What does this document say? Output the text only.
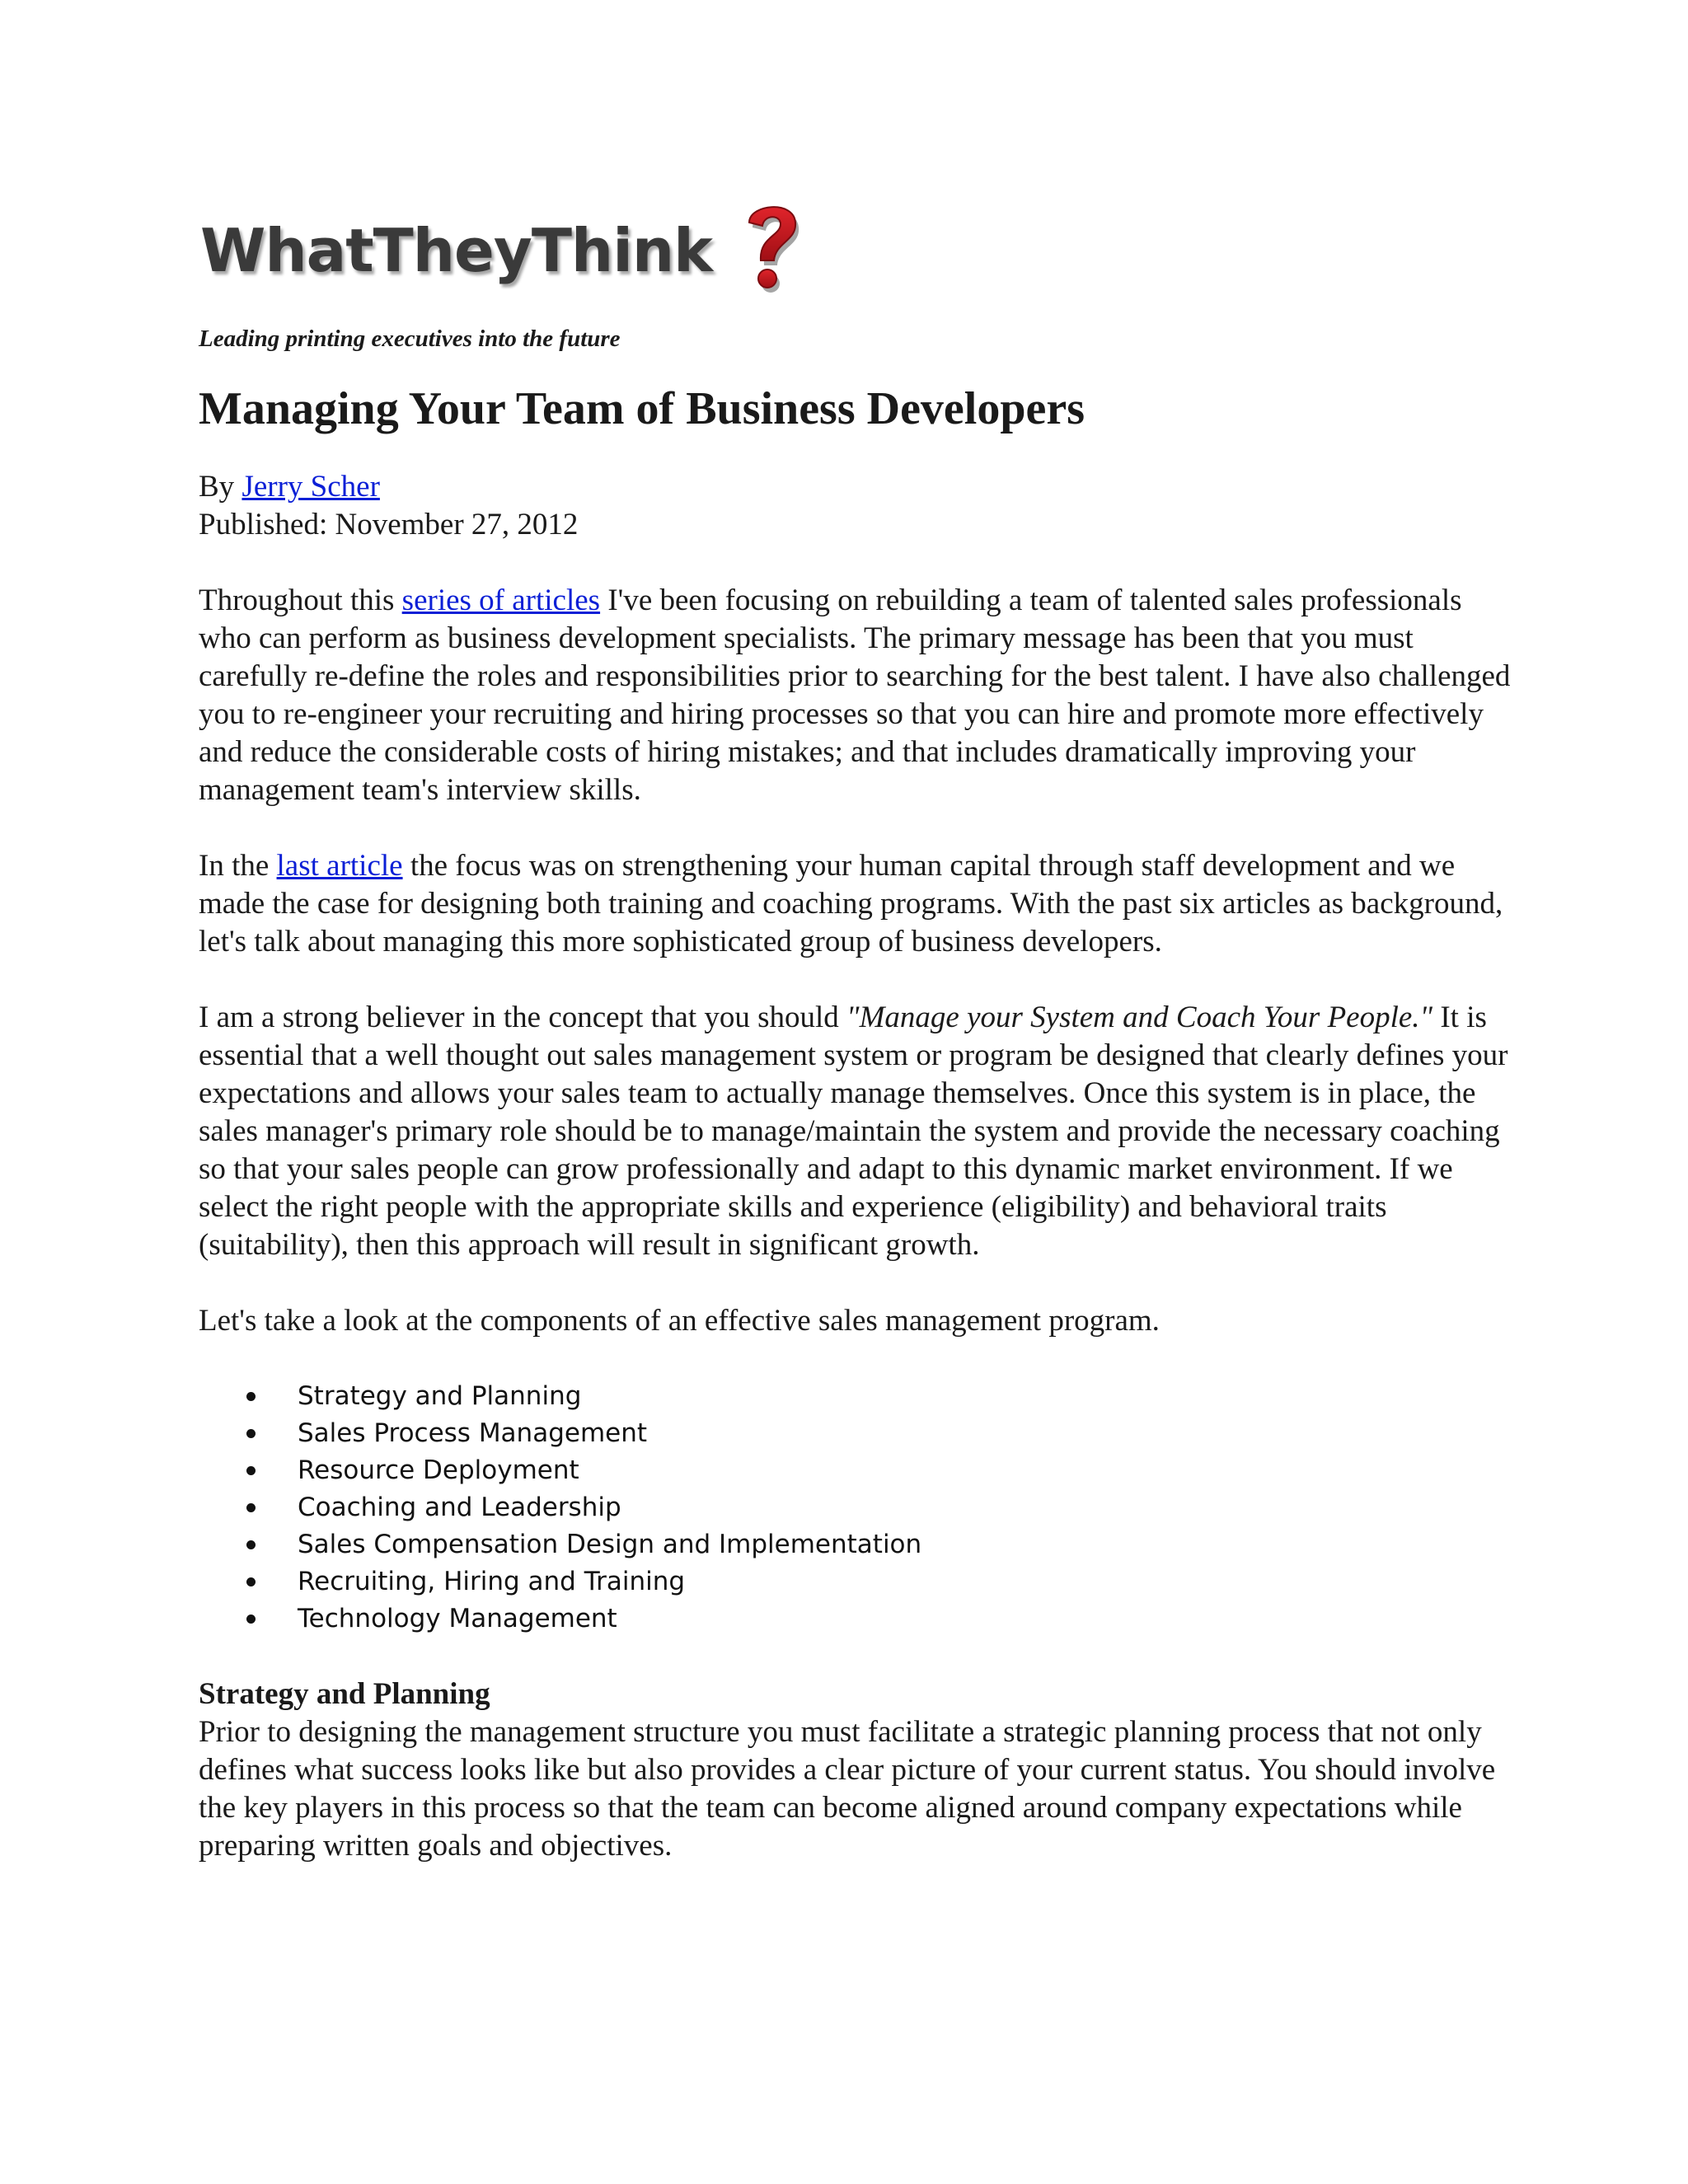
WhatTheyThink
Leading printing executives into the future
Managing Your Team of Business Developers
By Jerry Scher
Published: November 27, 2012

Throughout this series of articles I've been focusing on rebuilding a team of talented sales professionals who can perform as business development specialists. The primary message has been that you must carefully re-define the roles and responsibilities prior to searching for the best talent. I have also challenged you to re-engineer your recruiting and hiring processes so that you can hire and promote more effectively and reduce the considerable costs of hiring mistakes; and that includes dramatically improving your management team's interview skills.

In the last article the focus was on strengthening your human capital through staff development and we made the case for designing both training and coaching programs. With the past six articles as background, let's talk about managing this more sophisticated group of business developers.

I am a strong believer in the concept that you should "Manage your System and Coach Your People." It is essential that a well thought out sales management system or program be designed that clearly defines your expectations and allows your sales team to actually manage themselves. Once this system is in place, the sales manager's primary role should be to manage/maintain the system and provide the necessary coaching so that your sales people can grow professionally and adapt to this dynamic market environment. If we select the right people with the appropriate skills and experience (eligibility) and behavioral traits (suitability), then this approach will result in significant growth.

Let's take a look at the components of an effective sales management program.

Strategy and Planning
Sales Process Management
Resource Deployment
Coaching and Leadership
Sales Compensation Design and Implementation
Recruiting, Hiring and Training
Technology Management
Strategy and Planning

Prior to designing the management structure you must facilitate a strategic planning process that not only defines what success looks like but also provides a clear picture of your current status. You should involve the key players in this process so that the team can become aligned around company expectations while preparing written goals and objectives.
